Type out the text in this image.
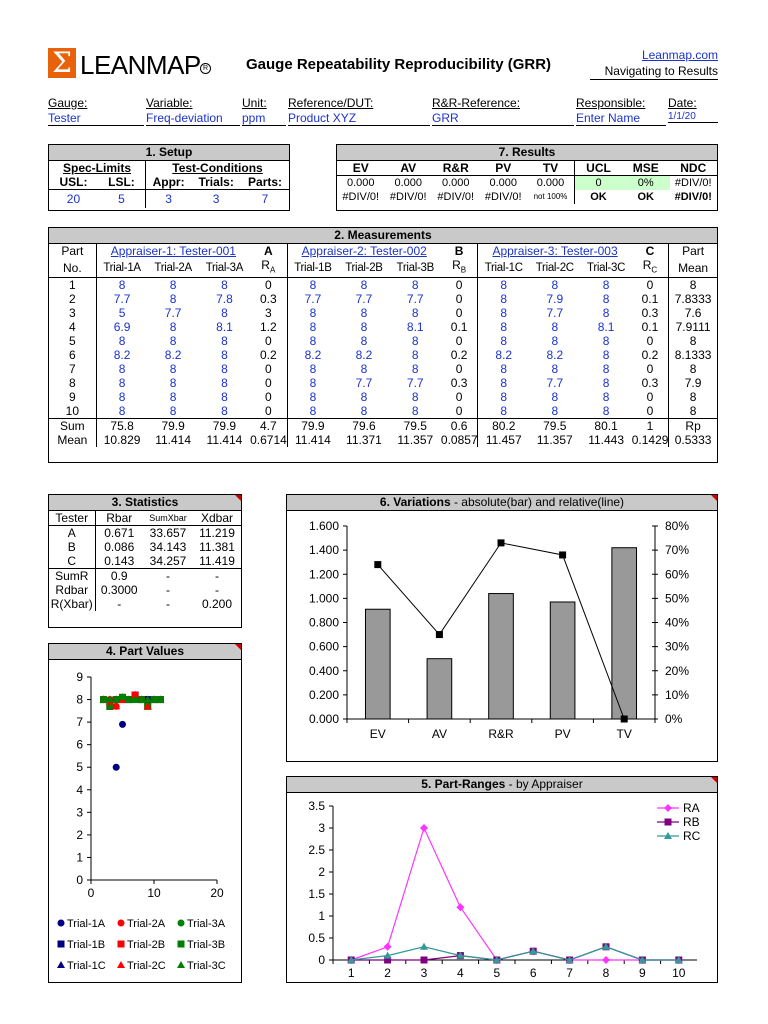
Σ LEANMAP R	Gauge Repeatability Reproducibility (GRR)
Leanmap.com
Navigating to Results
Gauge:
Tester
Variable:
Freq-deviation
Unit:
ppm
Reference/DUT:
Product XYZ
R&R-Reference:
GRR
Responsible:
Enter Name
Date:
1/1/20
1. Setup
Spec-Limits		Test-Conditions		
USL:	LSL:	Appr:	Trials:	Parts:
20	5	3	3	7
7. Results
EV	AV	R&R	PV	TV	UCL	MSE	NDC
0.000	0.000	0.000	0.000	0.000	0	0%	#DIV/0!
#DIV/0!	#DIV/0!	#DIV/0!	#DIV/0!	not 100%	OK	OK	#DIV/0!
2. Measurements
Part	Appraiser-1: Tester-001			A	Appraiser-2: Tester-002			B	Appraiser-3: Tester-003			C	Part
No.	Trial-1A	Trial-2A	Trial-3A	$R_A$	Trial-1B	Trial-2B	Trial-3B	$R_B$	Trial-1C	Trial-2C	Trial-3C	$R_C$	Mean
1	8	8	8	0	8	8	8	0	8	8	8	0	8
2	7.7	8	7.8	0.3	7.7	7.7	7.7	0	8	7.9	8	0.1	7.8333
3	5	7.7	8	3	8	8	8	0	8	7.7	8	0.3	7.6
4	6.9	8	8.1	1.2	8	8	8.1	0.1	8	8	8.1	0.1	7.9111
5	8	8	8	0	8	8	8	0	8	8	8	0	8
6	8.2	8.2	8	0.2	8.2	8.2	8	0.2	8.2	8.2	8	0.2	8.1333
7	8	8	8	0	8	8	8	0	8	8	8	0	8
8	8	8	8	0	8	7.7	7.7	0.3	8	7.7	8	0.3	7.9
9	8	8	8	0	8	8	8	0	8	8	8	0	8
10	8	8	8	0	8	8	8	0	8	8	8	0	8
Sum	75.8	79.9	79.9	4.7	79.9	79.6	79.5	0.6	80.2	79.5	80.1	1	Rp
Mean	10.829	11.414	11.414	0.6714	11.414	11.371	11.357	0.0857	11.457	11.357	11.443	0.1429	0.5333
3. Statistics
Tester	Rbar	SumXbar	Xdbar
A	0.671	33.657	11.219
B	0.086	34.143	11.381
C	0.143	34.257	11.419
SumR	0.9	-	-
Rdbar	0.3000	-	-
R(Xbar)	-	-	0.200
4. Part Values
0
1
2
3
4
5
6
7
8
9
0	10	20
Trial-1A Trial-2A Trial-3A
Trial-1B Trial-2B Trial-3B
Trial-1C Trial-2C Trial-3C
6. Variations - absolute(bar) and relative(line)
0.000
0.200
0.400
0.600
0.800
1.000
1.200
1.400
1.600
0%
10%
20%
30%
40%
50%
60%
70%
80%
EV	AV	R&R	PV	TV
5. Part-Ranges - by Appraiser
0
0.5
1
1.5
2
2.5
3
3.5
1 2 3 4 5 6 7 8 9 10
RA
RB
RC
